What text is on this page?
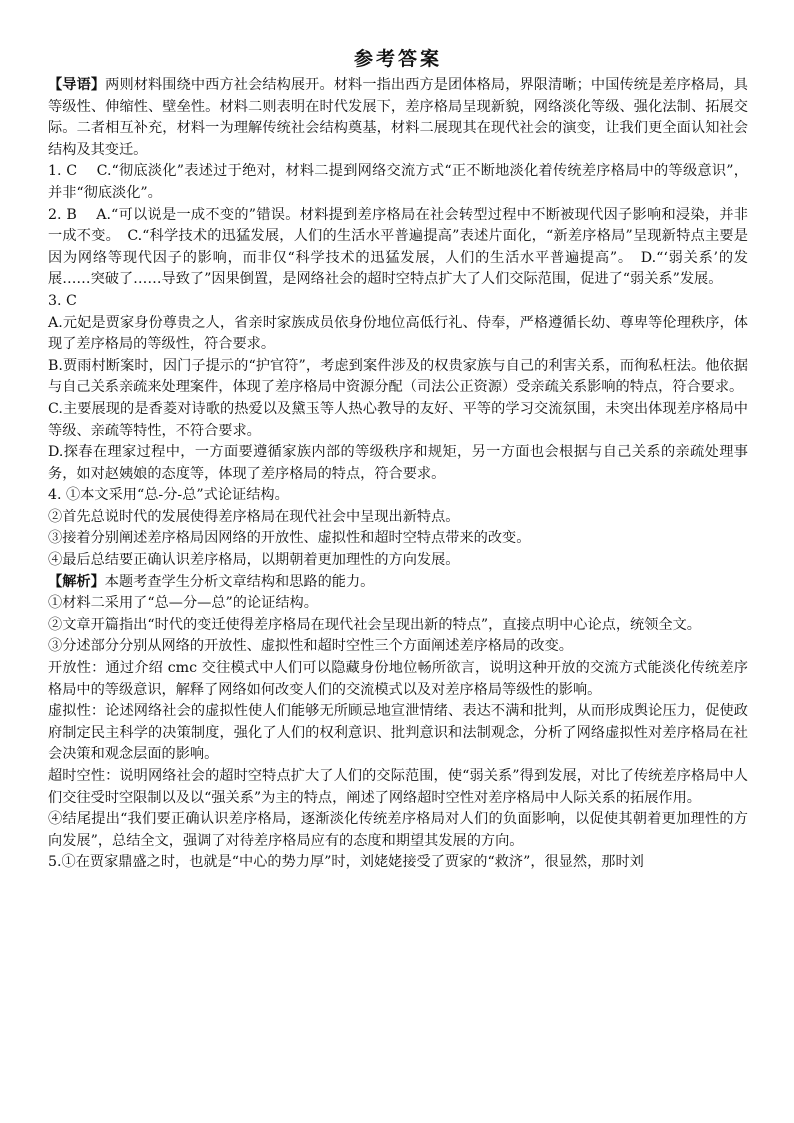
参考答案

【导语】两则材料围绕中西方社会结构展开。材料一指出西方是团体格局，界限清晰；中国传统是差序格局，具等级性、伸缩性、壁垒性。材料二则表明在时代发展下，差序格局呈现新貌，网络淡化等级、强化法制、拓展交际。二者相互补充，材料一为理解传统社会结构奠基，材料二展现其在现代社会的演变，让我们更全面认知社会结构及其变迁。

1. C　 C.“彻底淡化”表述过于绝对，材料二提到网络交流方式“正不断地淡化着传统差序格局中的等级意识”，并非“彻底淡化”。

2. B　 A.“可以说是一成不变的”错误。材料提到差序格局在社会转型过程中不断被现代因子影响和浸染，并非一成不变。　C.“科学技术的迅猛发展，人们的生活水平普遍提高”表述片面化，“新差序格局”呈现新特点主要是因为网络等现代因子的影响，而非仅“科学技术的迅猛发展，人们的生活水平普遍提高”。　D.“‘弱关系’的发展……突破了……导致了”因果倒置，是网络社会的超时空特点扩大了人们交际范围，促进了“弱关系”发展。

3. C

A.元妃是贾家身份尊贵之人，省亲时家族成员依身份地位高低行礼、侍奉，严格遵循长幼、尊卑等伦理秩序，体现了差序格局的等级性，符合要求。

B.贾雨村断案时，因门子提示的“护官符”，考虑到案件涉及的权贵家族与自己的利害关系，而徇私枉法。他依据与自己关系亲疏来处理案件，体现了差序格局中资源分配（司法公正资源）受亲疏关系影响的特点，符合要求。

C.主要展现的是香菱对诗歌的热爱以及黛玉等人热心教导的友好、平等的学习交流氛围，未突出体现差序格局中等级、亲疏等特性，不符合要求。

D.探春在理家过程中，一方面要遵循家族内部的等级秩序和规矩，另一方面也会根据与自己关系的亲疏处理事务，如对赵姨娘的态度等，体现了差序格局的特点，符合要求。

4. ①本文采用“总-分-总”式论证结构。

②首先总说时代的发展使得差序格局在现代社会中呈现出新特点。

③接着分别阐述差序格局因网络的开放性、虚拟性和超时空特点带来的改变。

④最后总结要正确认识差序格局，以期朝着更加理性的方向发展。

【解析】本题考查学生分析文章结构和思路的能力。

①材料二采用了“总—分—总”的论证结构。

②文章开篇指出“时代的变迁使得差序格局在现代社会呈现出新的特点”，直接点明中心论点，统领全文。

③分述部分分别从网络的开放性、虚拟性和超时空性三个方面阐述差序格局的改变。

开放性：通过介绍 cmc 交往模式中人们可以隐藏身份地位畅所欲言，说明这种开放的交流方式能淡化传统差序格局中的等级意识，解释了网络如何改变人们的交流模式以及对差序格局等级性的影响。

虚拟性：论述网络社会的虚拟性使人们能够无所顾忌地宣泄情绪、表达不满和批判，从而形成舆论压力，促使政府制定民主科学的决策制度，强化了人们的权利意识、批判意识和法制观念，分析了网络虚拟性对差序格局在社会决策和观念层面的影响。

超时空性：说明网络社会的超时空特点扩大了人们的交际范围，使“弱关系”得到发展，对比了传统差序格局中人们交往受时空限制以及以“强关系”为主的特点，阐述了网络超时空性对差序格局中人际关系的拓展作用。

④结尾提出“我们要正确认识差序格局，逐渐淡化传统差序格局对人们的负面影响，以促使其朝着更加理性的方向发展”，总结全文，强调了对待差序格局应有的态度和期望其发展的方向。

5.①在贾家鼎盛之时，也就是“中心的势力厚”时，刘姥姥接受了贾家的“救济”，很显然，那时刘
